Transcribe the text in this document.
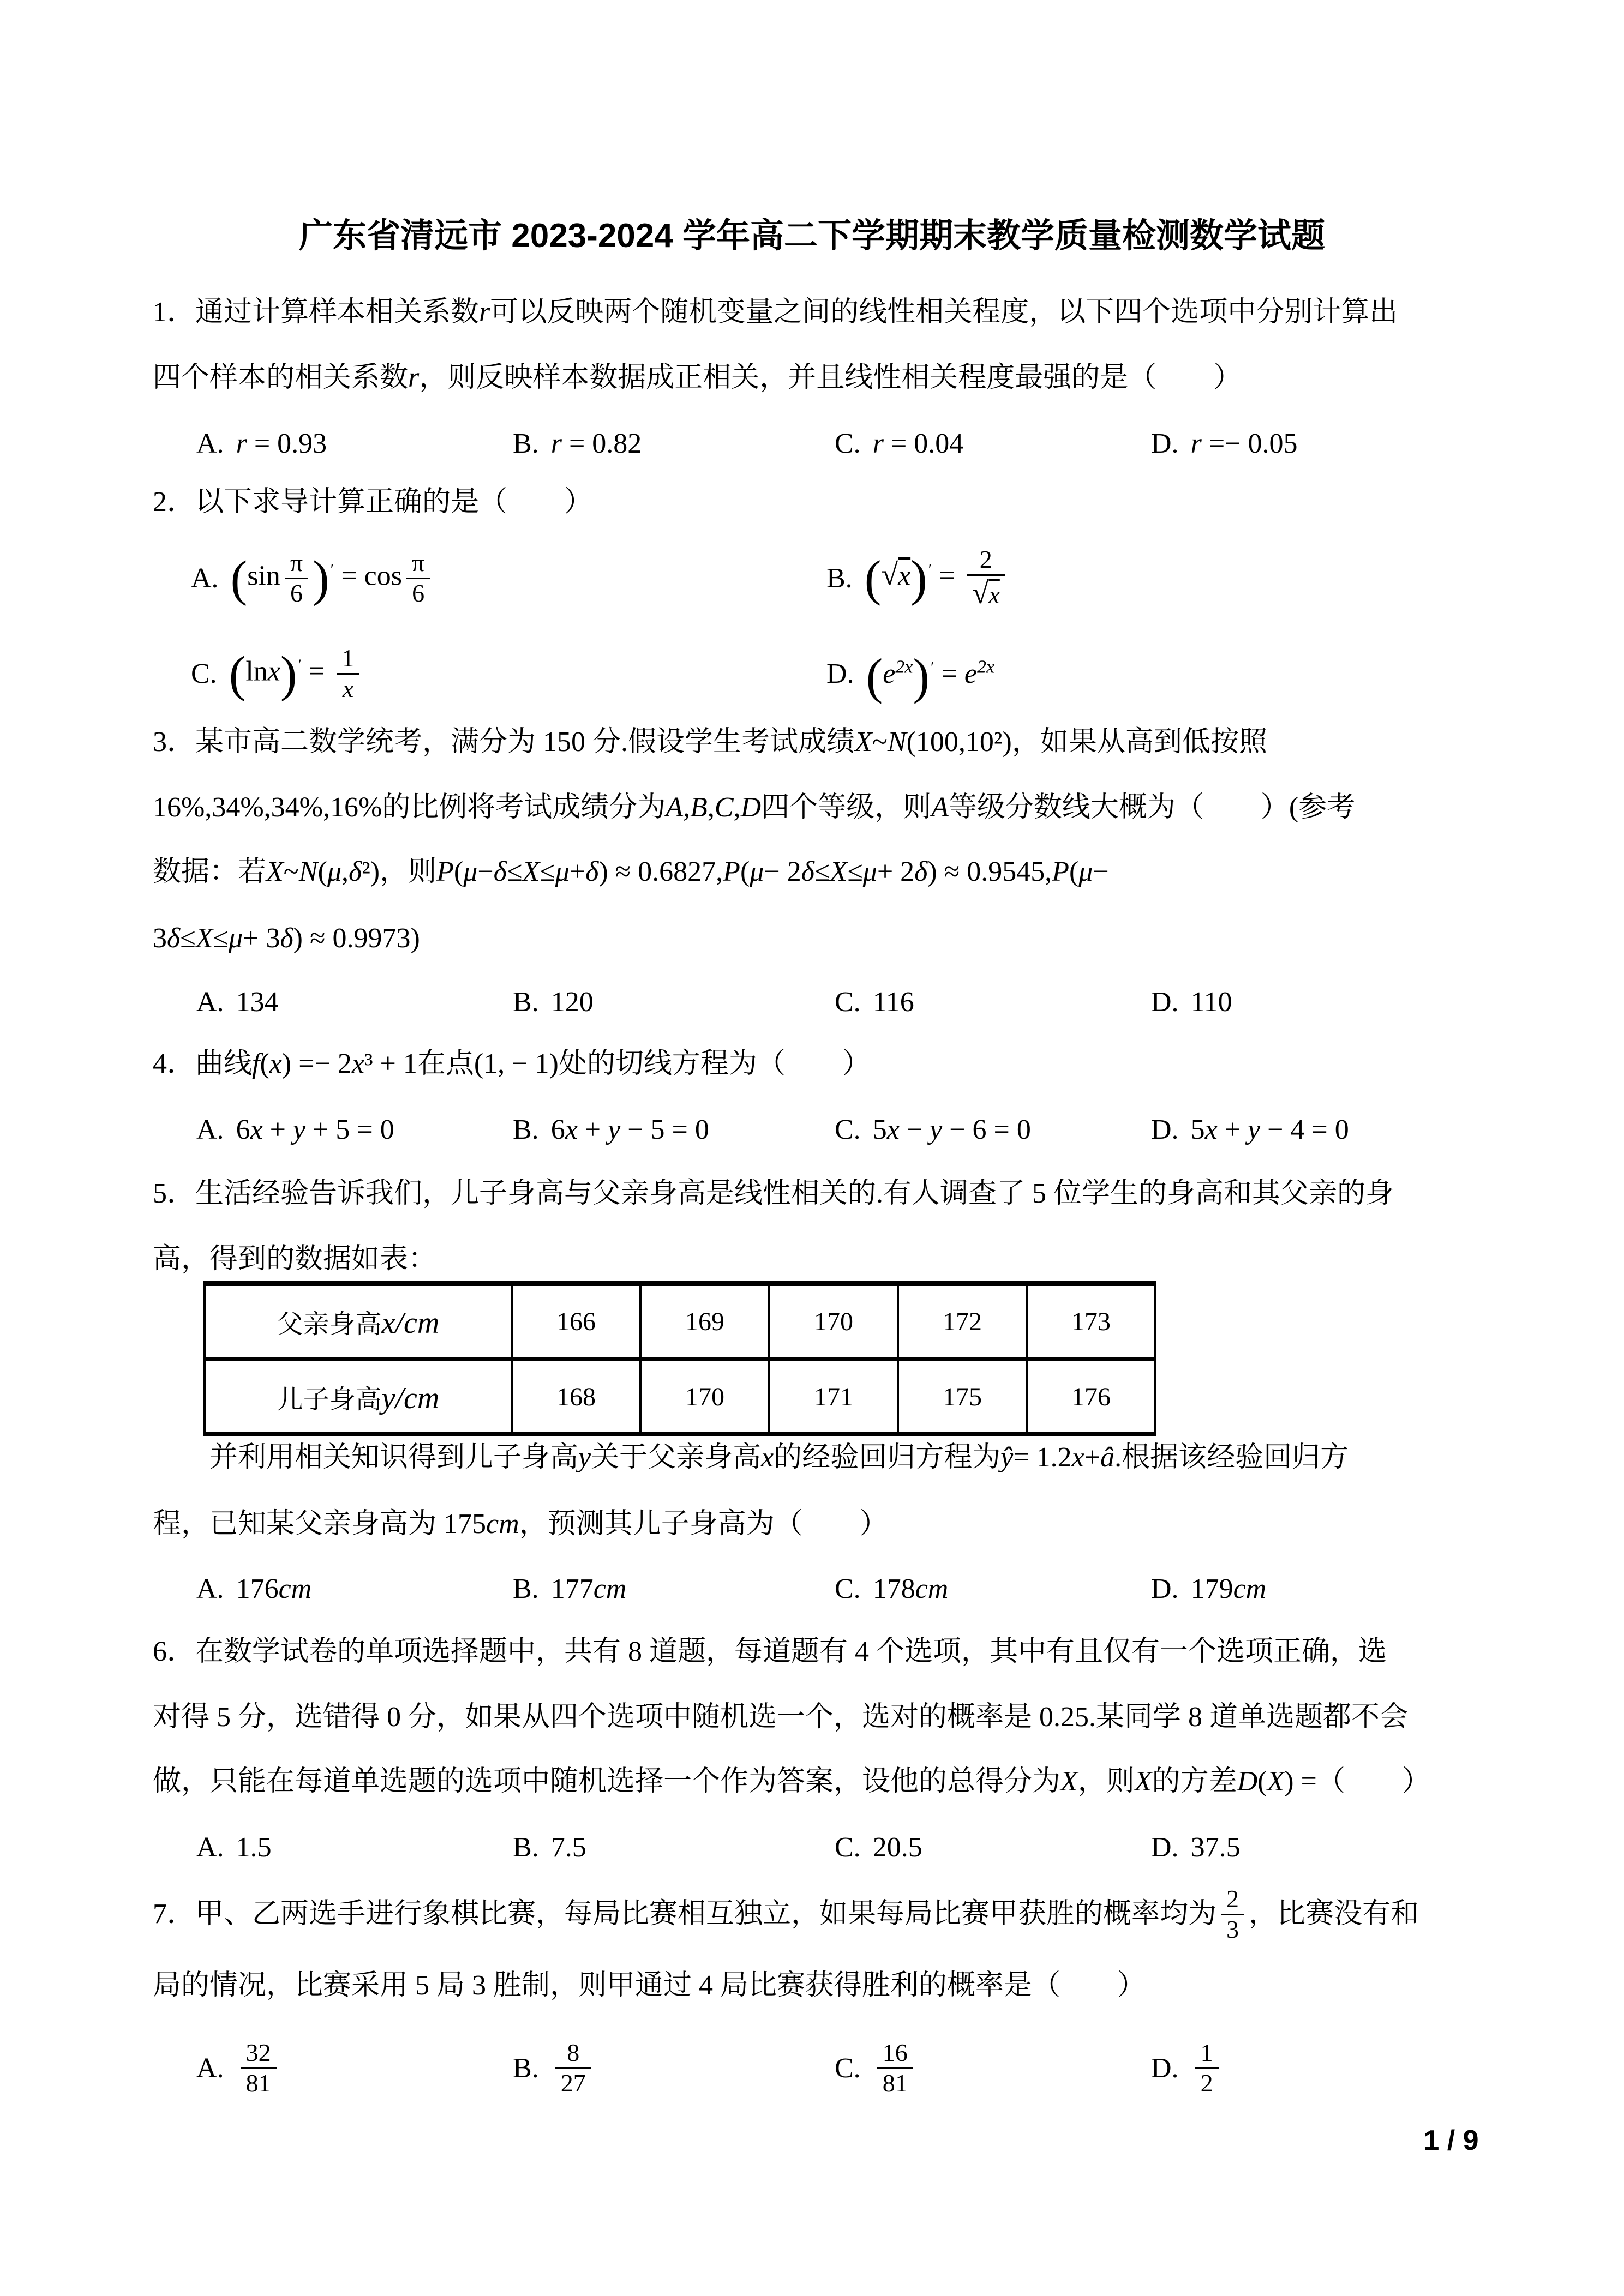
广东省清远市 2023-2024 学年高二下学期期末教学质量检测数学试题
1．通过计算样本相关系数 r 可以反映两个随机变量之间的线性相关程度，以下四个选项中分别计算出
四个样本的相关系数 r ，则反映样本数据成正相关，并且线性相关程度最强的是（　　）
A. r = 0.93	B. r = 0.82	C. r = 0.04	D. r =− 0.05
2．以下求导计算正确的是（　　）
A. $(\sin \frac{\pi}{6} )' = \cos \frac{\pi}{6}$	B. $(√x)' = \frac{2}{√x}$
C. $(\ln x)' = \frac{1}{x}$	D. $(e^{2x})' = e^{2x}$
3．某市高二数学统考，满分为 150 分.假设学生考试成绩 X ~ N (100,10²)，如果从高到低按照
16%,34%,34%,16%的比例将考试成绩分为 A , B , C , D 四个等级，则 A 等级分数线大概为（　　）(参考
数据：若 X ~ N ( μ , δ ²)，则 P ( μ − δ ≤ X ≤ μ + δ ) ≈ 0.6827, P ( μ − 2 δ ≤ X ≤ μ + 2 δ ) ≈ 0.9545, P ( μ −
3 δ ≤ X ≤ μ + 3 δ ) ≈ 0.9973)
A. 134	B. 120	C. 116	D. 110
4．曲线 f ( x ) =− 2 x ³ + 1在点(1, − 1)处的切线方程为（　　）
A. 6x + y + 5 = 0	B. 6x + y − 5 = 0	C. 5x − y − 6 = 0	D. 5x + y − 4 = 0
5．生活经验告诉我们，儿子身高与父亲身高是线性相关的.有人调查了 5 位学生的身高和其父亲的身
高，得到的数据如表：
父亲身高x/cm	166	169	170	172	173
儿子身高y/cm	168	170	171	175	176
　　并利用相关知识得到儿子身高 y 关于父亲身高 x 的经验回归方程为 ŷ = 1.2 x + â .根据该经验回归方
程，已知某父亲身高为 175 cm ，预测其儿子身高为（　　）
A. 176cm	B. 177cm	C. 178cm	D. 179cm
6．在数学试卷的单项选择题中，共有 8 道题，每道题有 4 个选项，其中有且仅有一个选项正确，选
对得 5 分，选错得 0 分，如果从四个选项中随机选一个，选对的概率是 0.25.某同学 8 道单选题都不会
做，只能在每道单选题的选项中随机选择一个作为答案，设他的总得分为 X ，则 X 的方差 D ( X ) =（　　）
A. 1.5	B. 7.5	C. 20.5	D. 37.5
7．甲、乙两选手进行象棋比赛，每局比赛相互独立，如果每局比赛甲获胜的概率均为 $\frac{2}{3}$ ，比赛没有和
局的情况，比赛采用 5 局 3 胜制，则甲通过 4 局比赛获得胜利的概率是（　　）
A. $\frac{32}{81}$	B. $\frac{8}{27}$	C. $\frac{16}{81}$	D. $\frac{1}{2}$
1 / 9
